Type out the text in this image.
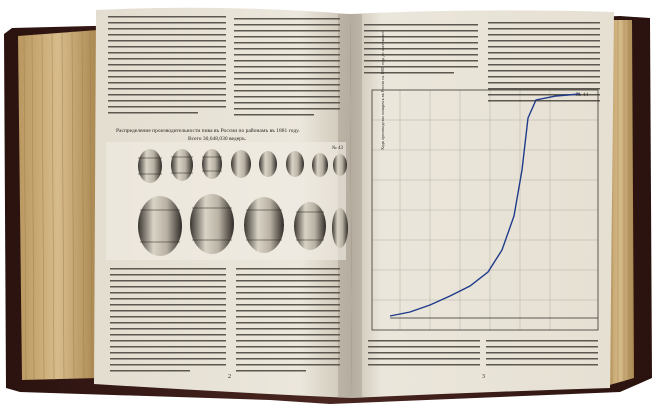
Распределение производительности пива въ России по районамъ въ 1881 году.
Всего 30,648,030 ведеръ.
№ 43
2
№ 44
Ходъ производства пиваренъ въ Россіи съ 1881 года до настоящаго
3
